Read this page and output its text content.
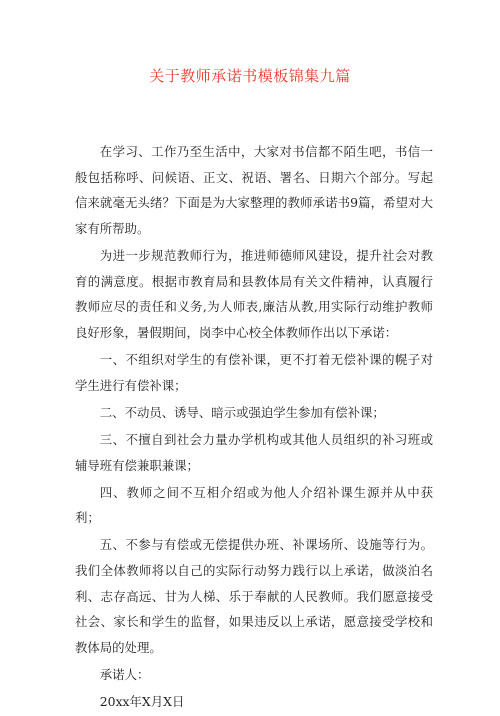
关于教师承诺书模板锦集九篇

在学习、工作乃至生活中，大家对书信都不陌生吧，书信一般包括称呼、问候语、正文、祝语、署名、日期六个部分。写起信来就毫无头绪？下面是为大家整理的教师承诺书9篇，希望对大家有所帮助。

为进一步规范教师行为，推进师德师风建设，提升社会对教育的满意度。根据市教育局和县教体局有关文件精神，认真履行教师应尽的责任和义务,为人师表,廉洁从教,用实际行动维护教师良好形象，暑假期间，岗李中心校全体教师作出以下承诺：

一、不组织对学生的有偿补课，更不打着无偿补课的幌子对学生进行有偿补课；

二、不动员、诱导、暗示或强迫学生参加有偿补课；

三、不擅自到社会力量办学机构或其他人员组织的补习班或辅导班有偿兼职兼课；

四、教师之间不互相介绍或为他人介绍补课生源并从中获利；

五、不参与有偿或无偿提供办班、补课场所、设施等行为。我们全体教师将以自己的实际行动努力践行以上承诺，做淡泊名利、志存高远、甘为人梯、乐于奉献的人民教师。我们愿意接受社会、家长和学生的监督，如果违反以上承诺，愿意接受学校和教体局的处理。

承诺人：

20xx年X月X日
